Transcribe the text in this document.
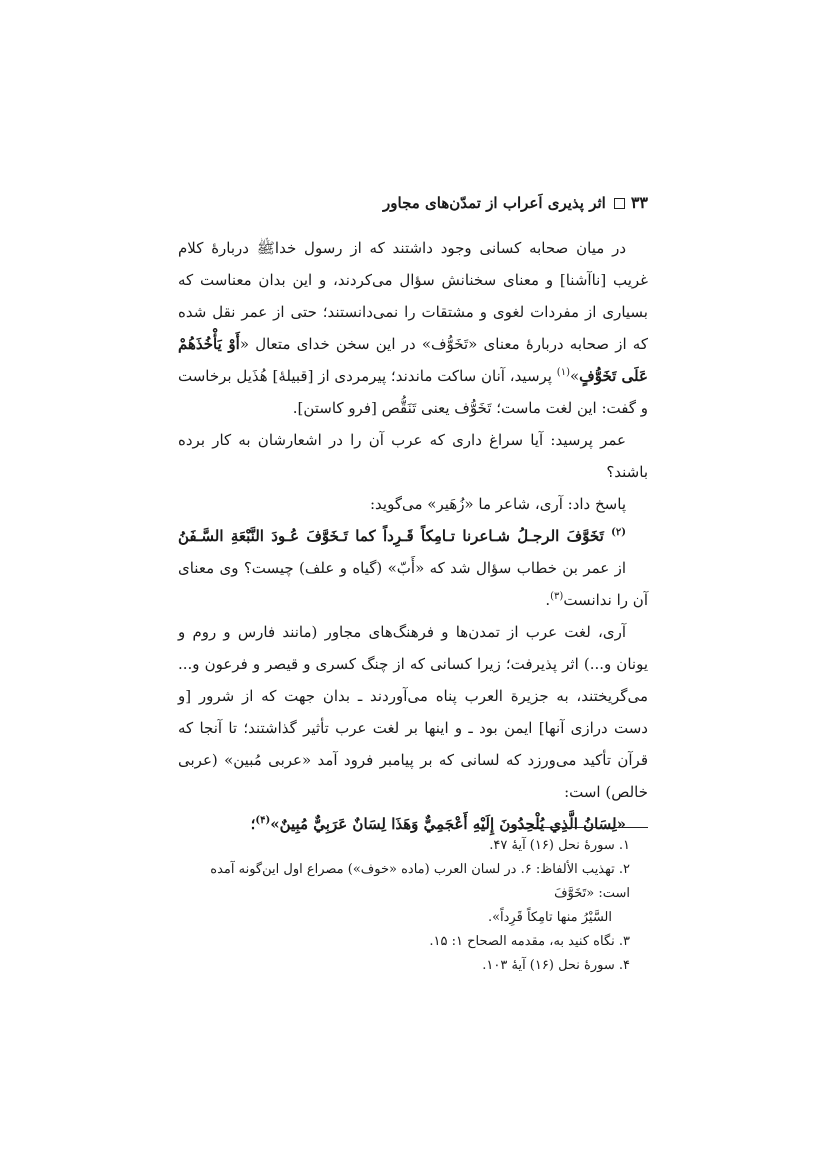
۳۳اثر پذیری اَعراب از تمدّن‌های مجاور

در میان صحابه کسانی وجود داشتند که از رسول خداﷺ دربارهٔ کلام غریب [ناآشنا] و معنای سخنانش سؤال می‌کردند، و این بدان معناست که بسیاری از مفردات لغوی و مشتقات را نمی‌دانستند؛ حتی از عمر نقل شده که از صحابه دربارهٔ معنای «تَخَوُّف» در این سخن خدای متعال «أَوْ يَأْخُذَهُمْ عَلَى تَخَوُّفٍ»$^{(۱)}$ پرسید، آنان ساکت ماندند؛ پیرمردی از [قبیلهٔ] هُذَیل برخاست و گفت: این لغت ماست؛ تَخَوُّف یعنی تَنَقُّص [فرو کاستن].

عمر پرسید: آیا سراغ داری که عرب آن را در اشعارشان به کار برده باشند؟

پاسخ داد: آری، شاعر ما «زُهَیر» می‌گوید:

$^{(۲)}$ تَخَوَّفَ الرجـلُ شـاعرنا تـامِکاً قَـرِداً کما تَـخَوَّفَ عُـودَ النَّبْعَةِ السَّـفَنُ

از عمر بن خطاب سؤال شد که «أَبّ» (گیاه و علف) چیست؟ وی معنای آن را ندانست$^{(۳)}$.

آری، لغت عرب از تمدن‌ها و فرهنگ‌های مجاور (مانند فارس و روم و یونان و...) اثر پذیرفت؛ زیرا کسانی که از چنگ کسری و قیصر و فرعون و... می‌گریختند، به جزیرة العرب پناه می‌آوردند ـ بدان جهت که از شرور [و دست درازی آنها] ایمن بود ـ و اینها بر لغت عرب تأثیر گذاشتند؛ تا آنجا که قرآن تأکید می‌ورزد که لسانی که بر پیامبر فرود آمد «عربی مُبین» (عربی خالص) است:

«لِسَانُ الَّذِي يُلْحِدُونَ إِلَيْهِ أَعْجَمِيٌّ وَهَذَا لِسَانٌ عَرَبِيٌّ مُبِينٌ»$^{(۴)}$؛

۱. سورهٔ نحل (۱۶) آیهٔ ۴۷.

۲. تهذیب الألفاظ: ۶. در لسان العرب (ماده «خوف») مصراع اول این‌گونه آمده است: «تَخَوَّفَ

السَّيْرُ منها تامِکاً قَرِداً».

۳. نگاه کنید به، مقدمه الصحاح ۱: ۱۵.

۴. سورهٔ نحل (۱۶) آیهٔ ۱۰۳.
